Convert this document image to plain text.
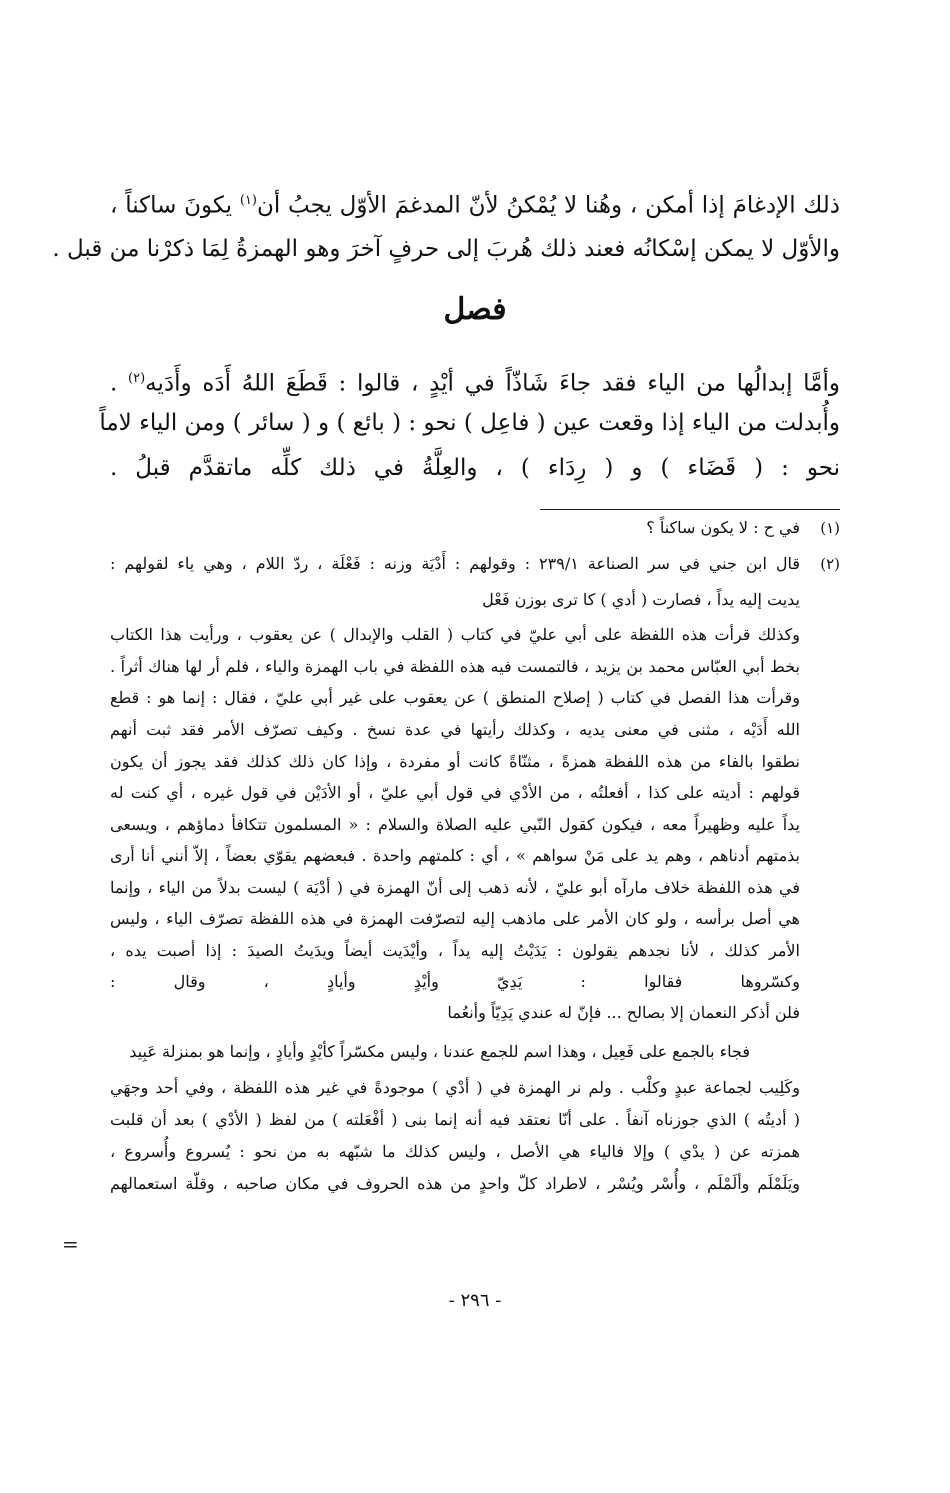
ذلك الإدغامَ إذا أمكن ، وهُنا لا يُمْكنُ لأنّ المدغمَ الأوّل يجبُ أن$^{(١)}$ يكونَ ساكناً ،
والأوّل لا يمكن إسْكانُه فعند ذلك هُربَ إلى حرفٍ آخرَ وهو الهمزةُ لِمَا ذكرْنا من قبل .
فصل
وأمَّا إبدالُها من الياء فقد جاءَ شَاذّاً في أيْدٍ ، قالوا : قَطَعَ اللهُ أَدَه وأَدَيه$^{(٢)}$ .
وأُبدلت من الياء إذا وقعت عين ( فاعِل ) نحو : ( بائع ) و ( سائر ) ومن الياء لاماً
نحو : ( قَضَاء ) و ( رِدَاء ) ، والعِلَّةُ في ذلك كلِّه ماتقدَّم قبلُ .
(١)
في ح : لا يكون ساكناً ؟
(٢)
قال ابن جني في سر الصناعة ٢٣٩/١ : وقولهم : أَدْيَة وزنه : فَعْلَة ، ردّ اللام ، وهي ياء لقولهم :
يديت إليه يداً ، فصارت ( أدي ) كا ترى بوزن فَعْل
وكذلك قرأت هذه اللفظة على أبي عليّ في كتاب ( القلب والإبدال ) عن يعقوب ، ورأيت هذا الكتاب
بخط أبي العبّاس محمد بن يزيد ، فالتمست فيه هذه اللفظة في باب الهمزة والياء ، فلم أر لها هناك أثراً .
وقرأت هذا الفصل في كتاب ( إصلاح المنطق ) عن يعقوب على غير أبي عليّ ، فقال : إنما هو : قطع
الله أَدَيْه ، مثنى في معنى يديه ، وكذلك رأيتها في عدة نسخ . وكيف تصرّف الأمر فقد ثبت أنهم
نطقوا بالفاء من هذه اللفظة همزةً ، مثنّاةً كانت أو مفردة ، وإذا كان ذلك كذلك فقد يجوز أن يكون
قولهم : أديته على كذا ، أفعلتُه ، من الأدْي في قول أبي عليّ ، أو الأدَيْن في قول غيره ، أي كنت له
يداً عليه وظهيراً معه ، فيكون كقول النّبي عليه الصلاة والسلام : « المسلمون تتكافأ دماؤهم ، ويسعى
بذمتهم أدناهم ، وهم يد على مَنْ سواهم » ، أي : كلمتهم واحدة . فبعضهم يقوّي بعضاً ، إلاّ أنني أنا أرى
في هذه اللفظة خلاف مارآه أبو عليّ ، لأنه ذهب إلى أنّ الهمزة في ( أدْيَة ) ليست بدلاً من الياء ، وإنما
هي أصل برأسه ، ولو كان الأمر على ماذهب إليه لتصرّفت الهمزة في هذه اللفظة تصرّف الياء ، وليس
الأمر كذلك ، لأنا نجدهم يقولون : يَدَيْتُ إليه يداً ، وأيْدَيت أيضاً ويدَيتُ الصيدَ : إذا أصبت يده ،
وكسّروها فقالوا : يَدِيّ وأيْدٍ وأيادٍ ، وقال :
فلن أذكر النعمان إلا بصالح ... فإنّ له عندي يَدِيّاً وأنعُما
فجاء بالجمع على فَعِيل ، وهذا اسم للجمع عندنا ، وليس مكسّراً كأيْدٍ وأيادٍ ، وإنما هو بمنزلة عَبِيد
وكَلِيب لجماعة عبدٍ وكلْب . ولم نر الهمزة في ( أدْي ) موجودةً في غير هذه اللفظة ، وفي أحد وجهَي
( أديتُه ) الذي جوزناه آنفاً . على أنّا نعتقد فيه أنه إنما بنى ( أفْعَلته ) من لفظ ( الأدْي ) بعد أن قلبت
همزته عن ( يدْي ) وإلا فالياء هي الأصل ، وليس كذلك ما شبّهه به من نحو : يُسروع وأُسروع ،
ويَلَمْلَم وألَمْلَم ، وأُسْر ويُسْر ، لاطراد كلّ واحدٍ من هذه الحروف في مكان صاحبه ، وقلّة استعمالهم
=
- ٢٩٦ -
